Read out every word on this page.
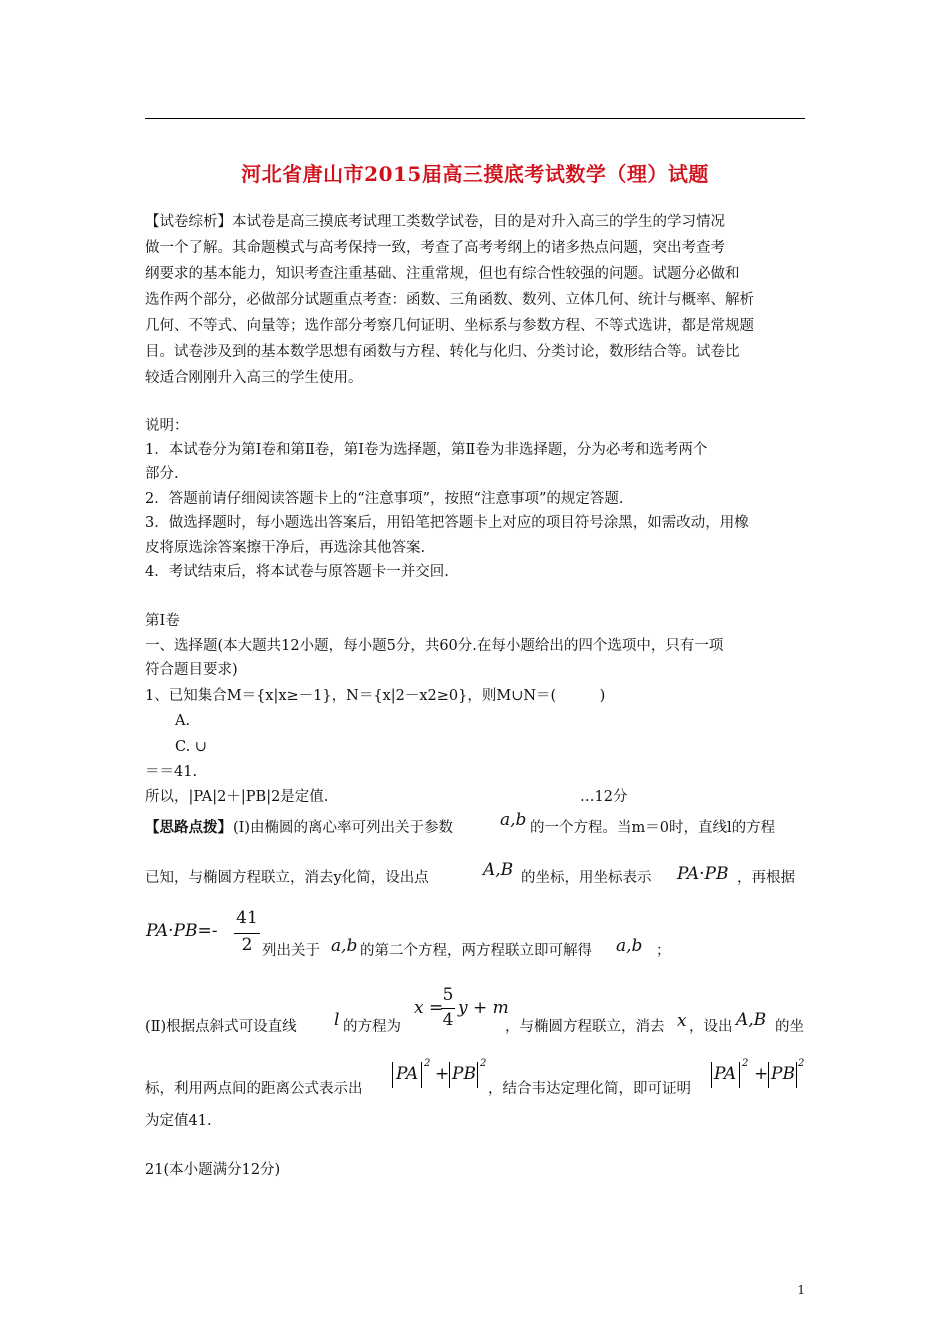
河北省唐山市2015届高三摸底考试数学（理）试题
【试卷综析】本试卷是高三摸底考试理工类数学试卷，目的是对升入高三的学生的学习情况
做一个了解。其命题模式与高考保持一致，考查了高考考纲上的诸多热点问题，突出考查考
纲要求的基本能力，知识考查注重基础、注重常规，但也有综合性较强的问题。试题分必做和
选作两个部分，必做部分试题重点考查：函数、三角函数、数列、立体几何、统计与概率、解析
几何、不等式、向量等；选作部分考察几何证明、坐标系与参数方程、不等式选讲，都是常规题
目。试卷涉及到的基本数学思想有函数与方程、转化与化归、分类讨论，数形结合等。试卷比
较适合刚刚升入高三的学生使用。
说明：
1．本试卷分为第Ⅰ卷和第Ⅱ卷，第Ⅰ卷为选择题，第Ⅱ卷为非选择题，分为必考和选考两个
部分.
2．答题前请仔细阅读答题卡上的“注意事项”，按照“注意事项”的规定答题.
3．做选择题时，每小题选出答案后，用铅笔把答题卡上对应的项目符号涂黑，如需改动，用橡
皮将原选涂答案擦干净后，再选涂其他答案.
4．考试结束后，将本试卷与原答题卡一并交回.
第Ⅰ卷
一、选择题(本大题共12小题，每小题5分，共60分.在每小题给出的四个选项中，只有一项
符合题目要求)
1、已知集合M＝{x|x≥－1}，N＝{x|2－x2≥0}，则M∪N＝(　　　)
A.
C. ∪
＝＝41.
所以，|PA|2＋|PB|2是定值.	…12分
【思路点拨】 (Ⅰ)由椭圆的离心率可列出关于参数	a,b 的一个方程。当m＝0时，直线l的方程
已知，与椭圆方程联立，消去y化简，设出点	A,B 的坐标，用坐标表示 PA·PB ，再根据
PA·PB=-
41
2 列出关于 a,b 的第二个方程，两方程联立即可解得 a,b ；
(Ⅱ)根据点斜式可设直线 l 的方程为
x =
5
4
y + m
，与椭圆方程联立，消去 x ，设出 A,B 的坐
标，利用两点间的距离公式表示出
PA
2
+ PB
2
，结合韦达定理化简，即可证明
PA
2
+ PB
2
为定值41.
21(本小题满分12分)
1
